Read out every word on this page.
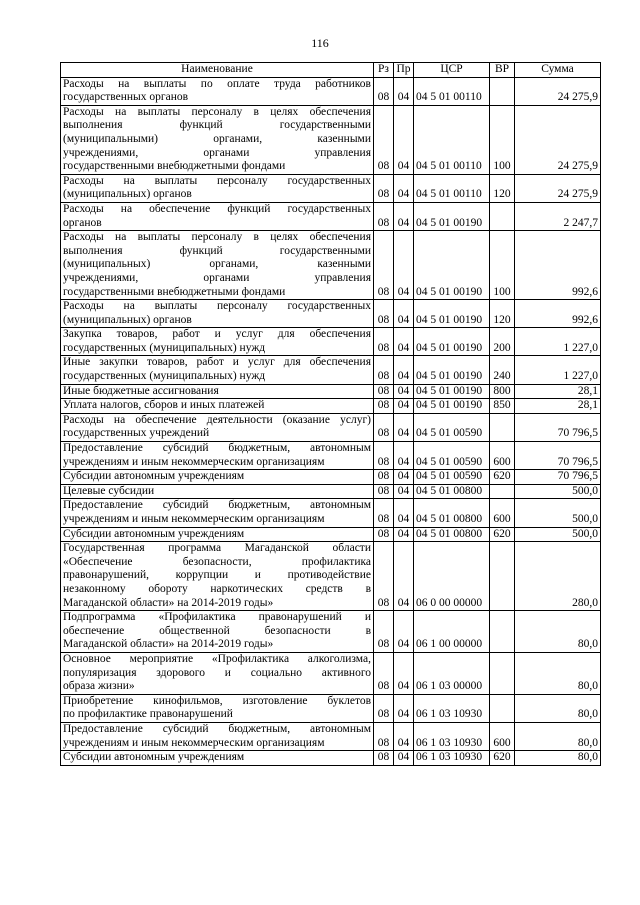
116
Наименование	Рз	Пр	ЦСР	ВР	Сумма

Расходы на выплаты по оплате труда работников
государственных органов	08	04	04 5 01 00110		24 275,9

Расходы на выплаты персоналу в целях обеспечения
выполнения функций государственными
(муниципальными) органами, казенными
учреждениями, органами управления
государственными внебюджетными фондами	08	04	04 5 01 00110	100	24 275,9

Расходы на выплаты персоналу государственных
(муниципальных) органов	08	04	04 5 01 00110	120	24 275,9

Расходы на обеспечение функций государственных
органов	08	04	04 5 01 00190		2 247,7

Расходы на выплаты персоналу в целях обеспечения
выполнения функций государственными
(муниципальных) органами, казенными
учреждениями, органами управления
государственными внебюджетными фондами	08	04	04 5 01 00190	100	992,6

Расходы на выплаты персоналу государственных
(муниципальных) органов	08	04	04 5 01 00190	120	992,6

Закупка товаров, работ и услуг для обеспечения
государственных (муниципальных) нужд	08	04	04 5 01 00190	200	1 227,0

Иные закупки товаров, работ и услуг для обеспечения
государственных (муниципальных) нужд	08	04	04 5 01 00190	240	1 227,0

Иные бюджетные ассигнования	08	04	04 5 01 00190	800	28,1

Уплата налогов, сборов и иных платежей	08	04	04 5 01 00190	850	28,1

Расходы на обеспечение деятельности (оказание услуг)
государственных учреждений	08	04	04 5 01 00590		70 796,5

Предоставление субсидий бюджетным, автономным
учреждениям и иным некоммерческим организациям	08	04	04 5 01 00590	600	70 796,5

Субсидии автономным учреждениям	08	04	04 5 01 00590	620	70 796,5

Целевые субсидии	08	04	04 5 01 00800		500,0

Предоставление субсидий бюджетным, автономным
учреждениям и иным некоммерческим организациям	08	04	04 5 01 00800	600	500,0

Субсидии автономным учреждениям	08	04	04 5 01 00800	620	500,0

Государственная программа Магаданской области
«Обеспечение безопасности, профилактика
правонарушений, коррупции и противодействие
незаконному обороту наркотических средств в
Магаданской области» на 2014-2019 годы»	08	04	06 0 00 00000		280,0

Подпрограмма «Профилактика правонарушений и
обеспечение общественной безопасности в
Магаданской области» на 2014-2019 годы»	08	04	06 1 00 00000		80,0

Основное мероприятие «Профилактика алкоголизма,
популяризация здорового и социально активного
образа жизни»	08	04	06 1 03 00000		80,0

Приобретение кинофильмов, изготовление буклетов
по профилактике правонарушений	08	04	06 1 03 10930		80,0

Предоставление субсидий бюджетным, автономным
учреждениям и иным некоммерческим организациям	08	04	06 1 03 10930	600	80,0

Субсидии автономным учреждениям	08	04	06 1 03 10930	620	80,0
